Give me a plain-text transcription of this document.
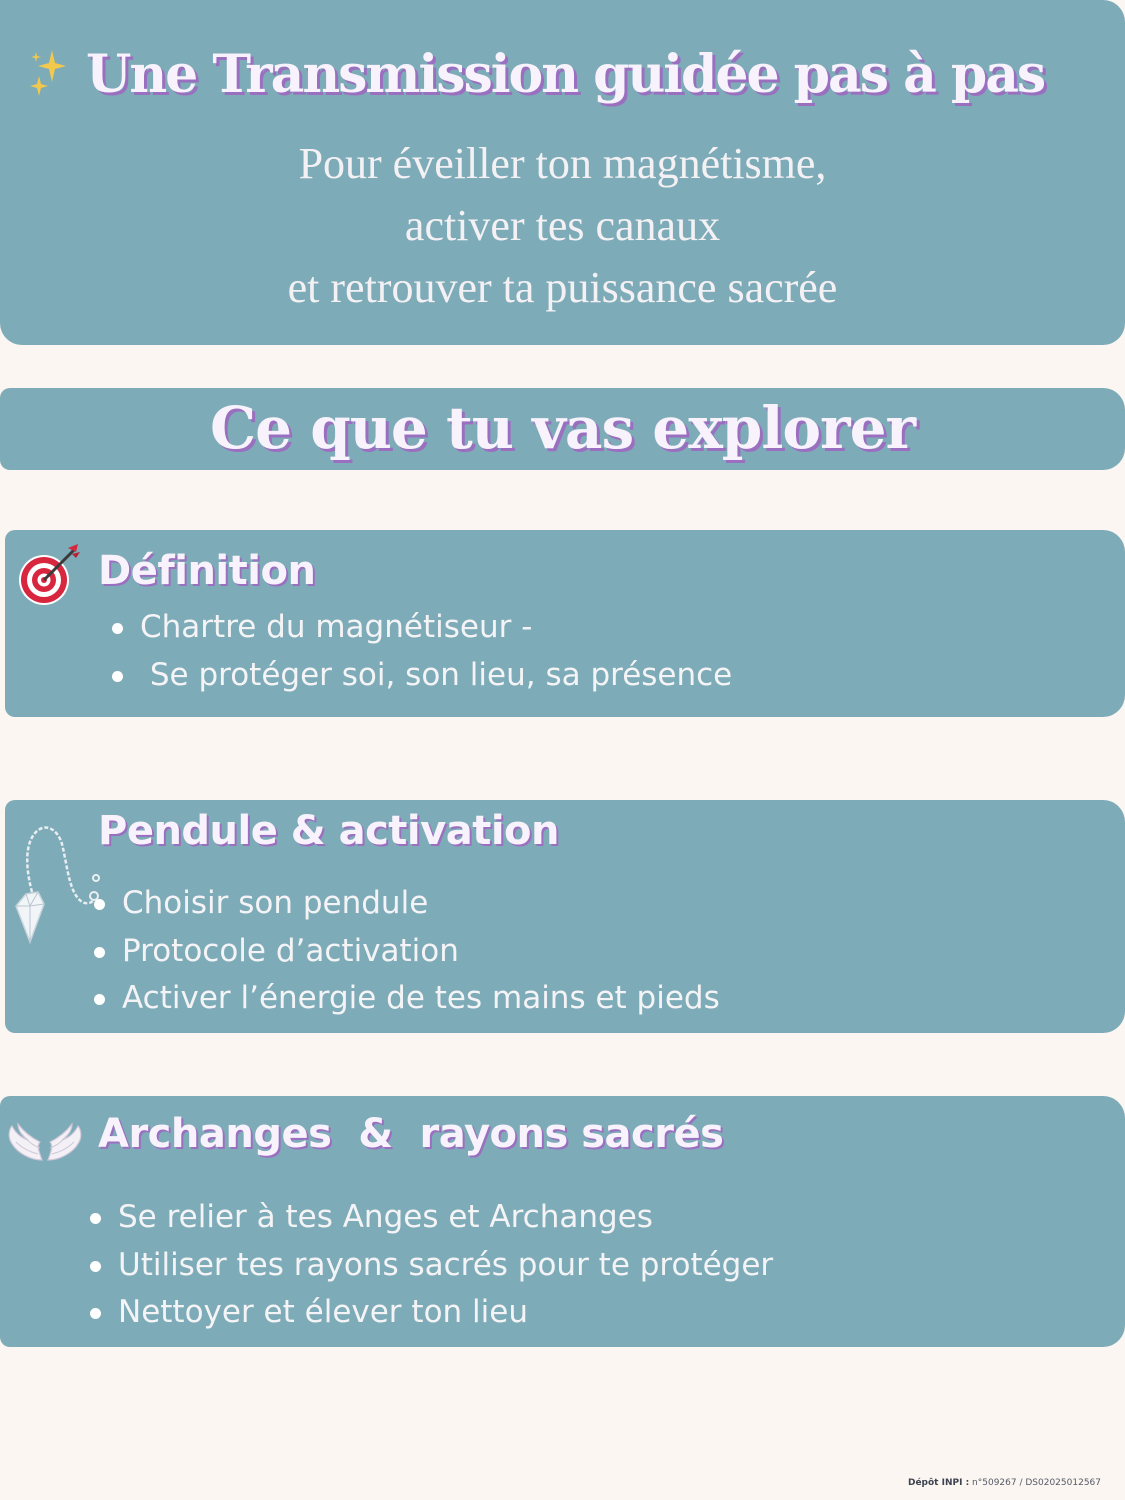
Une Transmission guidée pas à pas
Pour éveiller ton magnétisme,
activer tes canaux
et retrouver ta puissance sacrée
Ce que tu vas explorer
Définition
Chartre du magnétiseur -
Se protéger soi, son lieu, sa présence
Pendule & activation
Choisir son pendule
Protocole d’activation
Activer l’énergie de tes mains et pieds
Archanges  &  rayons sacrés
Se relier à tes Anges et Archanges
Utiliser tes rayons sacrés pour te protéger
Nettoyer et élever ton lieu
Dépôt INPI : n°509267 / DS02025012567
